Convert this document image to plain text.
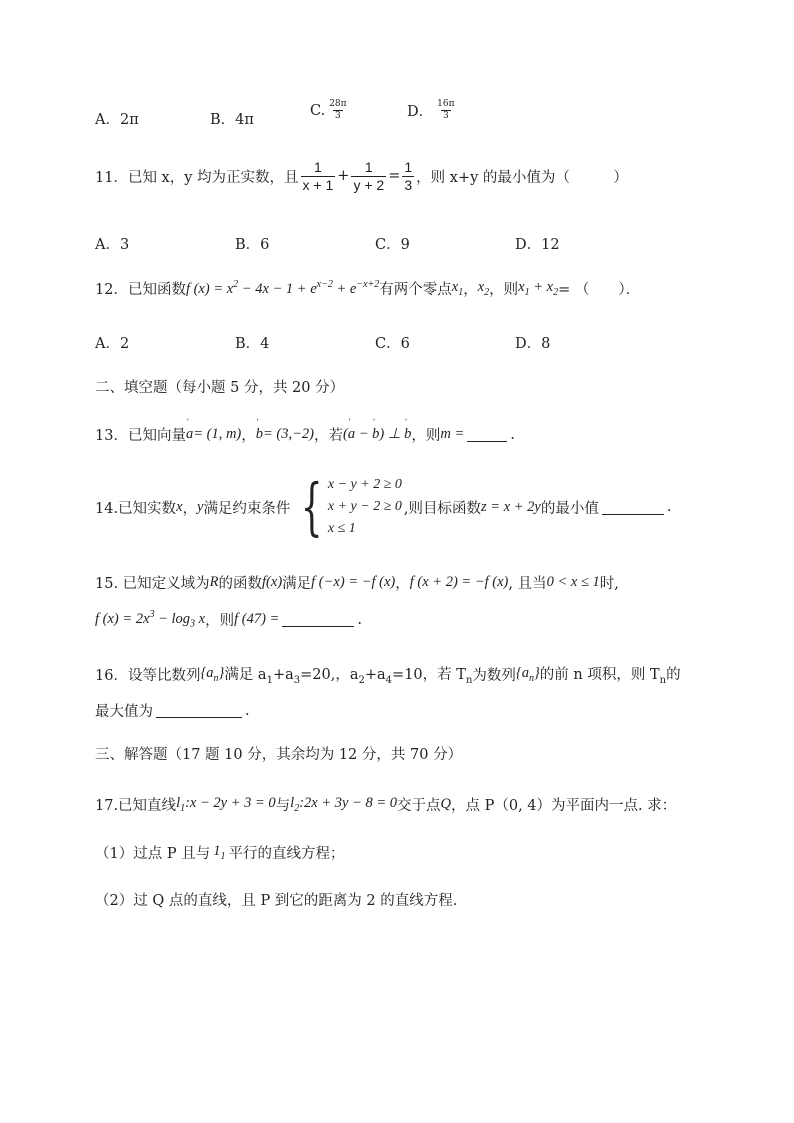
A．2π	B．4π
C. $\frac{28\pi}{3}$	D． $\frac{16\pi}{3}$
11．已知 x，y 均为正实数，且 $\frac{1}{x + 1} + \frac{1}{y + 2} = \frac{1}{3}$ ，则 x+y 的最小值为（　　　）
A．3	B．6	C．9	D．12
12．已知函数 f $(x) = x^2 - 4x - 1 + e^{x-2} + e^{-x+2}$ 有两个零点 $x_1$ ， $x_2$ ，则 $x_1 + x_2$ = （　　）．
A．2	B．4	C．6	D．8
二、填空题（每小题 5 分，共 20 分）
13．已知向量 ′ a = (1, m) ， ′ b = (3,−2) ，若 (′ a − ′ b) ⊥ ′ b ，则 m =	.
14.已知实数 x ， y 满足约束条件 { x − y + 2 ≥ 0
x + y − 2 ≥ 0
x ≤ 1
,则目标函数 z = x + 2y 的最小值	.
15. 已知定义域为 R 的函数 f(x) 满足 f (−x) = −f (x) ， f (x + 2) = −f (x) , 且当 0 < x ≤ 1 时,
f $(x) = 2x^3 - \log_3 x$ ，则 f (47) =	.
16．设等比数列 $\{a_n\}$ 满足 $a_1+a_3=20$,，$a_2+a_4=10$，若 $T_n$ 为数列 $\{a_n\}$ 的前 n 项积，则 $T_n$的
最大值为	.
三、解答题（17 题 10 分，其余均为 12 分，共 70 分）
17.已知直线 $l_1:x - 2y + 3 = 0$ 与 $l_2:2x + 3y - 8 = 0$ 交于点 Q ，点 P（0, 4）为平面内一点. 求：
（1）过点 P 且与 $1_1$ 平行的直线方程；
（2）过 Q 点的直线，且 P 到它的距离为 2 的直线方程.
